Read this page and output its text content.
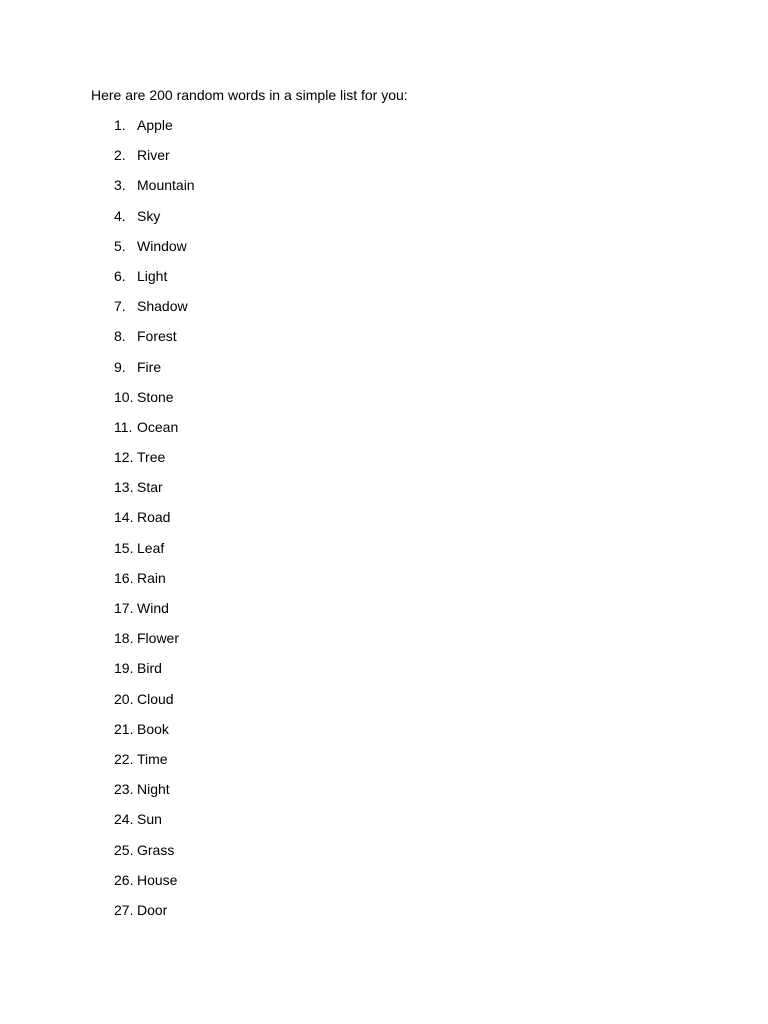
Here are 200 random words in a simple list for you:
1. Apple
2. River
3. Mountain
4. Sky
5. Window
6. Light
7. Shadow
8. Forest
9. Fire
10. Stone
11. Ocean
12. Tree
13. Star
14. Road
15. Leaf
16. Rain
17. Wind
18. Flower
19. Bird
20. Cloud
21. Book
22. Time
23. Night
24. Sun
25. Grass
26. House
27. Door
